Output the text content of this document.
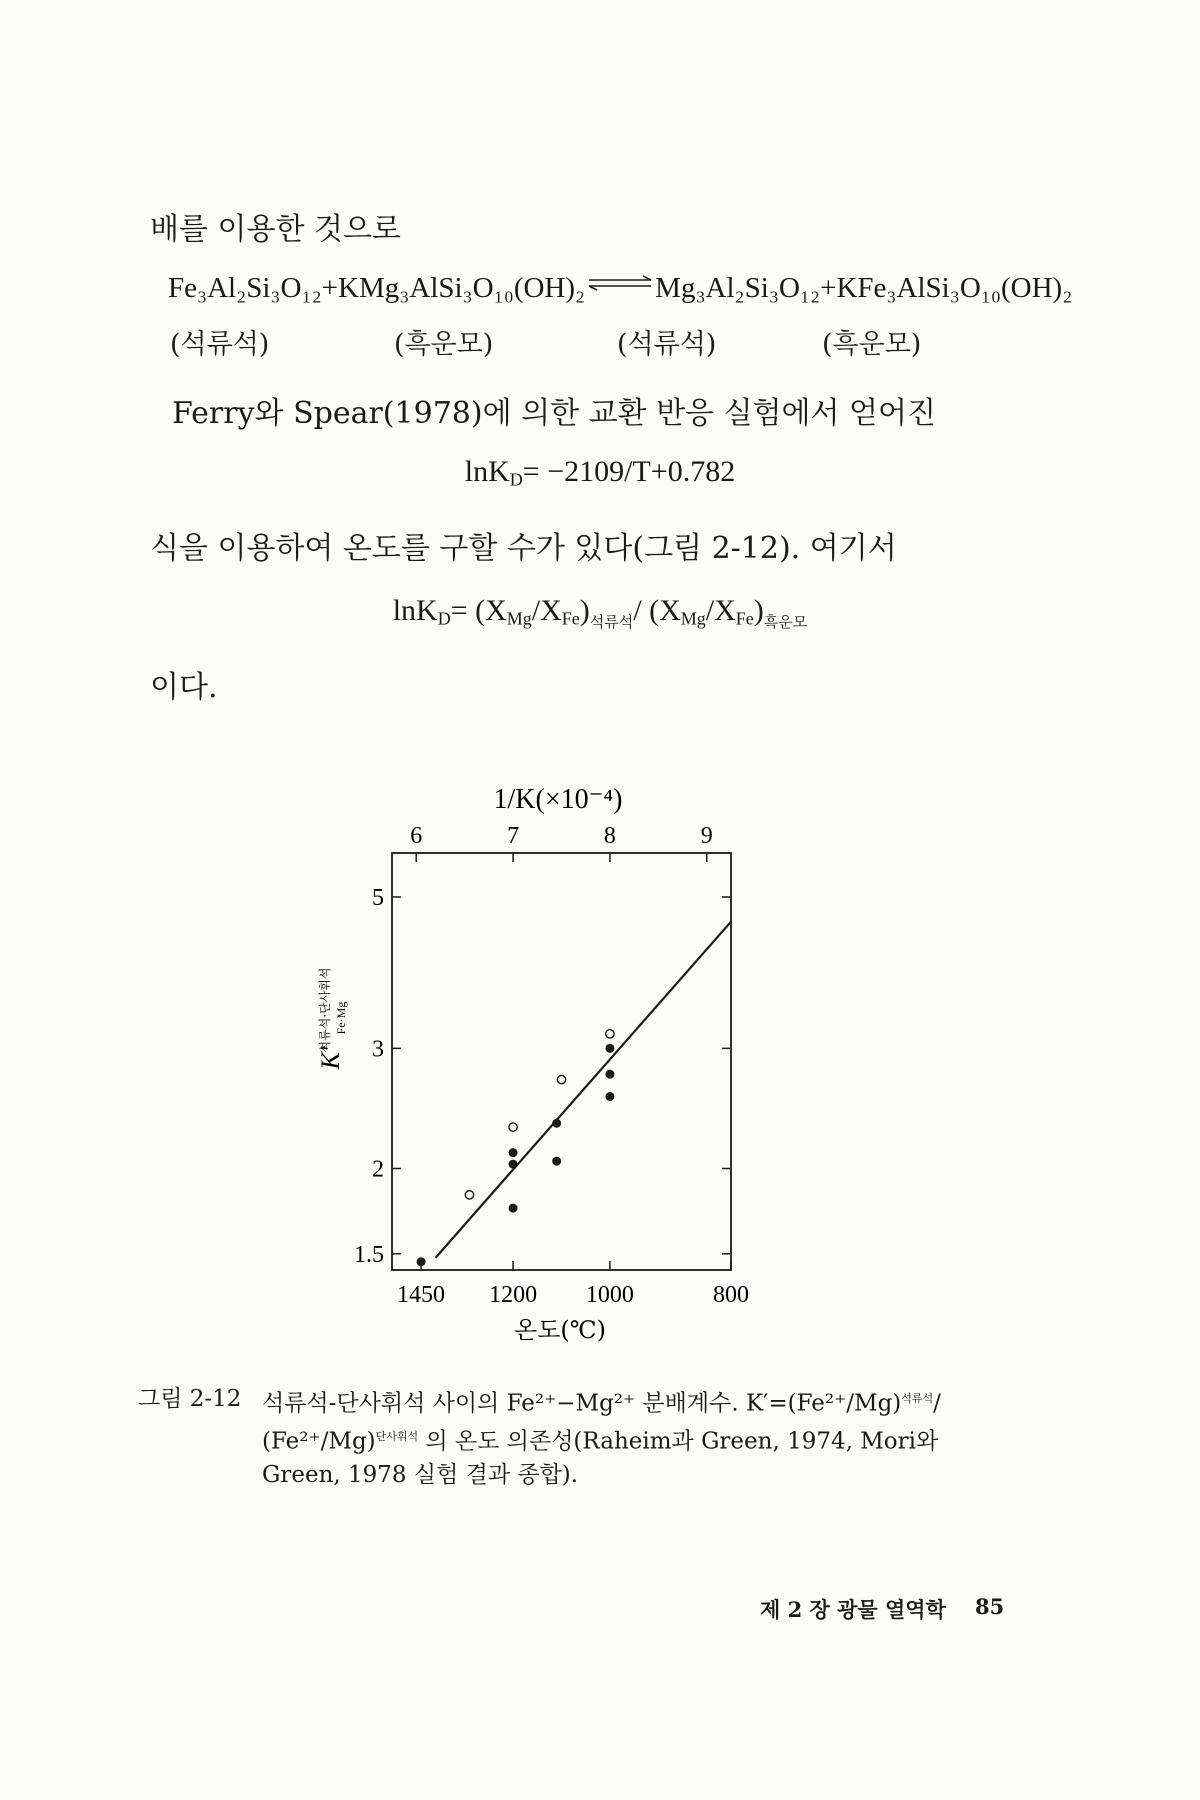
배를 이용한 것으로
Fe₃Al₂Si₃O₁₂+KMg₃AlSi₃O₁₀(OH)₂⇌Mg₃Al₂Si₃O₁₂+KFe₃AlSi₃O₁₀(OH)₂
(석류석)	(흑운모)	(석류석)	(흑운모)
Ferry와 Spear(1978)에 의한 교환 반응 실험에서 얻어진
lnK$_D$= −2109/T+0.782
식을 이용하여 온도를 구할 수가 있다(그림 2-12). 여기서
$\ln K_D= (X_{Mg}/X_{Fe})_{석류석}/$ $(X_{Mg}/X_{Fe})_{흑운모}$
이다.
1/K(×10⁻⁴)
6	7	8	9
1450 1200 1000	800
5
3
2
1.5
온도(℃)
K′
석류석·단사휘석 Fe·Mg
그림 2-12 석류석-단사휘석 사이의 Fe²⁺−Mg²⁺ 분배계수. $K'=(Fe^{2+}/Mg)^{석류석}/$
$(Fe^{2+}/Mg)^{단사휘석}$ 의 온도 의존성(Raheim과 Green, 1974, Mori와
Green, 1978 실험 결과 종합).
제 2 장 광물 열역학 85
